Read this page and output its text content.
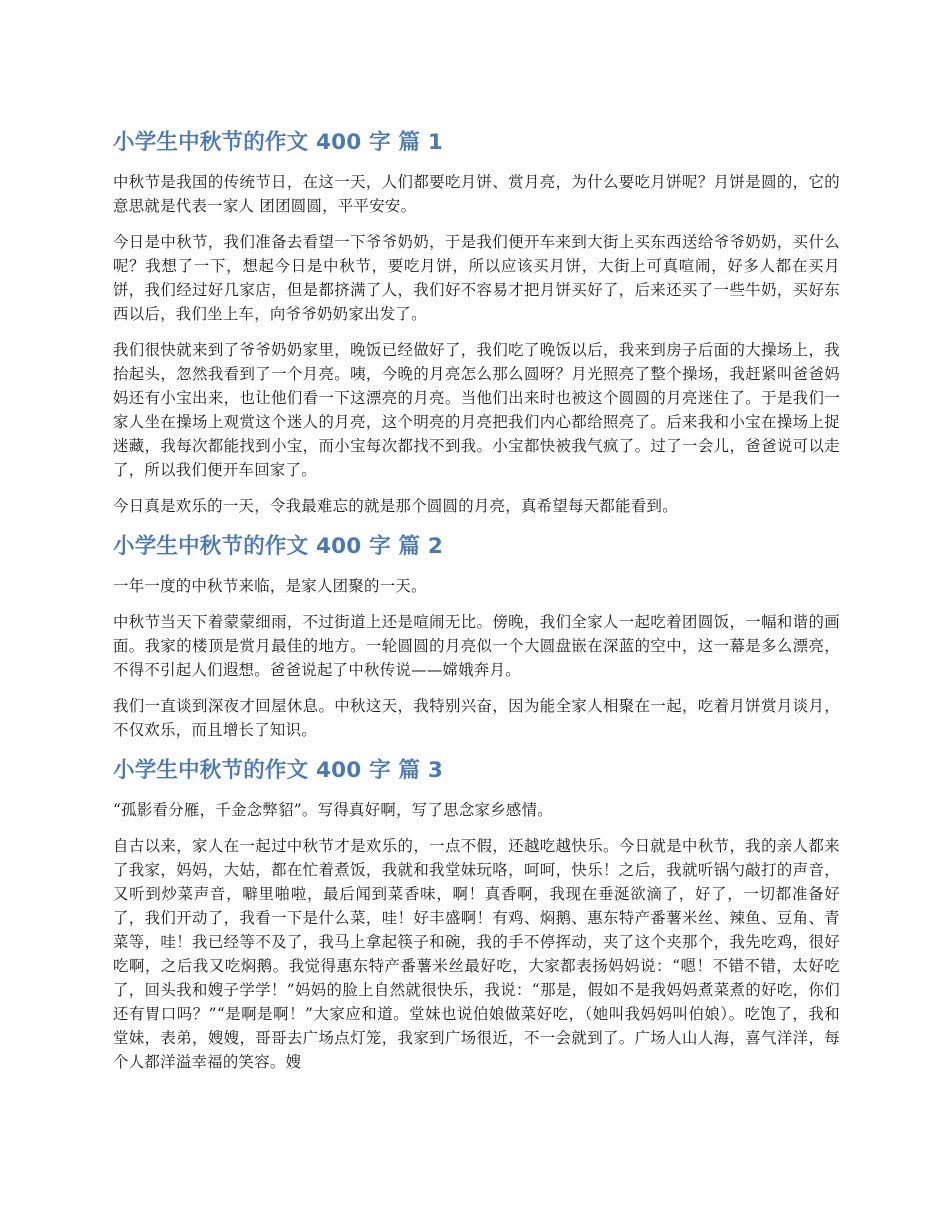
小学生中秋节的作文 400 字 篇 1

中秋节是我国的传统节日，在这一天，人们都要吃月饼、赏月亮，为什么要吃月饼呢？月饼是圆的，它的意思就是代表一家人 团团圆圆，平平安安。

今日是中秋节，我们准备去看望一下爷爷奶奶，于是我们便开车来到大街上买东西送给爷爷奶奶，买什么呢？我想了一下，想起今日是中秋节，要吃月饼，所以应该买月饼，大街上可真喧闹，好多人都在买月饼，我们经过好几家店，但是都挤满了人，我们好不容易才把月饼买好了，后来还买了一些牛奶，买好东西以后，我们坐上车，向爷爷奶奶家出发了。

我们很快就来到了爷爷奶奶家里，晚饭已经做好了，我们吃了晚饭以后，我来到房子后面的大操场上，我抬起头，忽然我看到了一个月亮。咦，今晚的月亮怎么那么圆呀？月光照亮了整个操场，我赶紧叫爸爸妈妈还有小宝出来，也让他们看一下这漂亮的月亮。当他们出来时也被这个圆圆的月亮迷住了。于是我们一家人坐在操场上观赏这个迷人的月亮，这个明亮的月亮把我们内心都给照亮了。后来我和小宝在操场上捉迷藏，我每次都能找到小宝，而小宝每次都找不到我。小宝都快被我气疯了。过了一会儿，爸爸说可以走了，所以我们便开车回家了。

今日真是欢乐的一天，令我最难忘的就是那个圆圆的月亮，真希望每天都能看到。

小学生中秋节的作文 400 字 篇 2

一年一度的中秋节来临，是家人团聚的一天。

中秋节当天下着蒙蒙细雨，不过街道上还是喧闹无比。傍晚，我们全家人一起吃着团圆饭，一幅和谐的画面。我家的楼顶是赏月最佳的地方。一轮圆圆的月亮似一个大圆盘嵌在深蓝的空中，这一幕是多么漂亮，不得不引起人们遐想。爸爸说起了中秋传说——嫦娥奔月。

我们一直谈到深夜才回屋休息。中秋这天，我特别兴奋，因为能全家人相聚在一起，吃着月饼赏月谈月，不仅欢乐，而且增长了知识。

小学生中秋节的作文 400 字 篇 3

“孤影看分雁，千金念弊貂”。写得真好啊，写了思念家乡感情。

自古以来，家人在一起过中秋节才是欢乐的，一点不假，还越吃越快乐。今日就是中秋节，我的亲人都来了我家，妈妈，大姑，都在忙着煮饭，我就和我堂妹玩咯，呵呵，快乐！之后，我就听锅勺敲打的声音，又听到炒菜声音，噼里啪啦，最后闻到菜香味，啊！真香啊，我现在垂涎欲滴了，好了，一切都准备好了，我们开动了，我看一下是什么菜，哇！好丰盛啊！有鸡、焖鹅、惠东特产番薯米丝、辣鱼、豆角、青菜等，哇！我已经等不及了，我马上拿起筷子和碗，我的手不停挥动，夹了这个夹那个，我先吃鸡，很好吃啊，之后我又吃焖鹅。我觉得惠东特产番薯米丝最好吃，大家都表扬妈妈说：“嗯！不错不错，太好吃了，回头我和嫂子学学！”妈妈的脸上自然就很快乐，我说：“那是，假如不是我妈妈煮菜煮的好吃，你们还有胃口吗？”“是啊是啊！”大家应和道。堂妹也说伯娘做菜好吃，（她叫我妈妈叫伯娘）。吃饱了，我和堂妹，表弟，嫂嫂，哥哥去广场点灯笼，我家到广场很近，不一会就到了。广场人山人海，喜气洋洋，每个人都洋溢幸福的笑容。嫂
